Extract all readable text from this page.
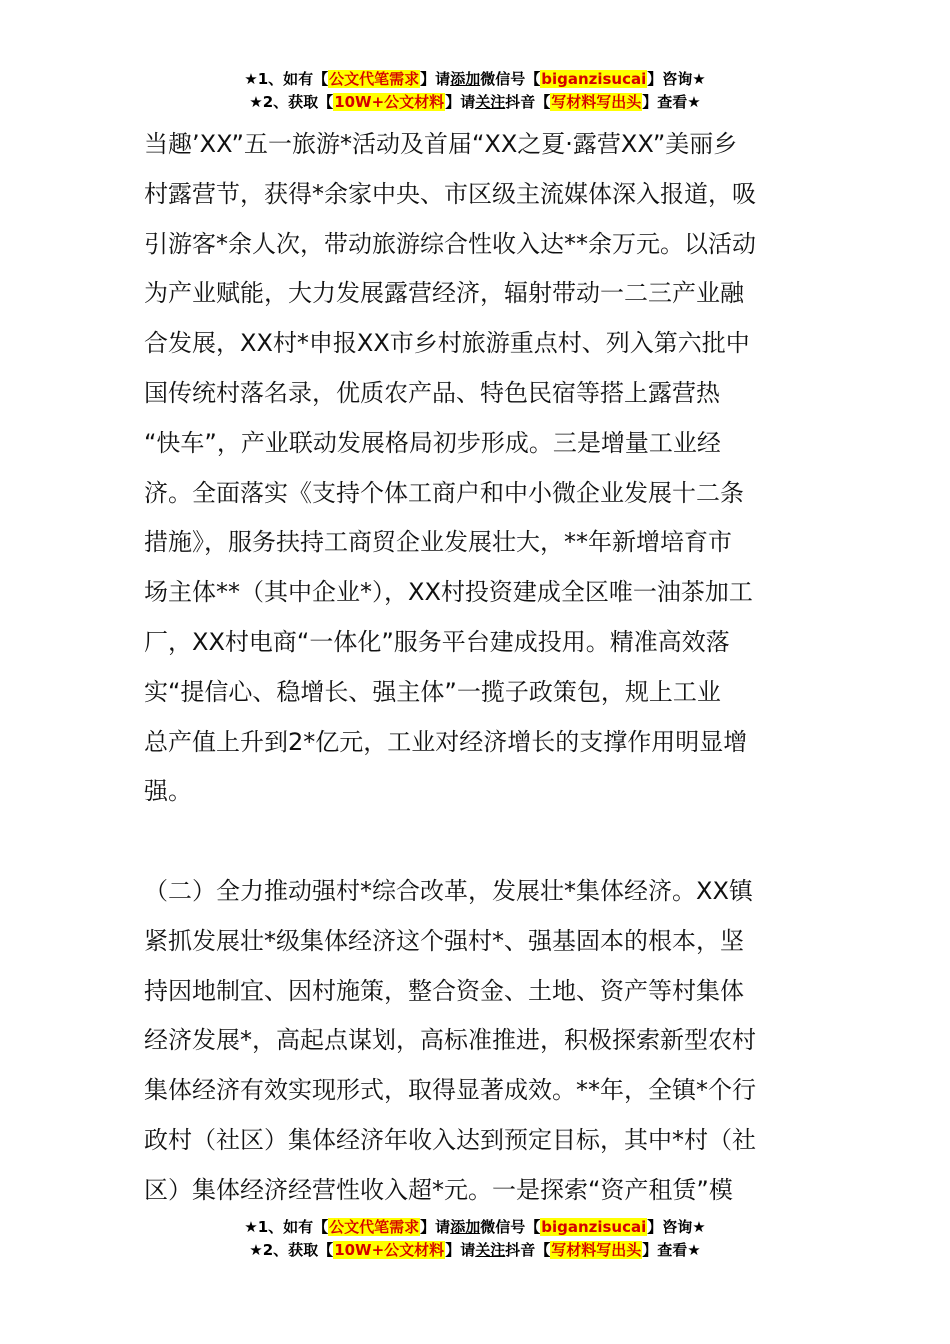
★1、如有【公文代笔需求】请添加微信号【biganzisucai】咨询★
★2、获取【10W+公文材料】请关注抖音【写材料写出头】查看★
当趣’XX”五一旅游*活动及首届“XX之夏·露营XX”美丽乡
村露营节，获得*余家中央、市区级主流媒体深入报道，吸
引游客*余人次，带动旅游综合性收入达**余万元。以活动
为产业赋能，大力发展露营经济，辐射带动一二三产业融
合发展，XX村*申报XX市乡村旅游重点村、列入第六批中
国传统村落名录，优质农产品、特色民宿等搭上露营热
“快车”，产业联动发展格局初步形成。三是增量工业经
济。全面落实《支持个体工商户和中小微企业发展十二条
措施》，服务扶持工商贸企业发展壮大，**年新增培育市
场主体**（其中企业*），XX村投资建成全区唯一油茶加工
厂，XX村电商“一体化”服务平台建成投用。精准高效落
实“提信心、稳增长、强主体”一揽子政策包，规上工业
总产值上升到2*亿元，工业对经济增长的支撑作用明显增
强。
（二）全力推动强村*综合改革，发展壮*集体经济。XX镇
紧抓发展壮*级集体经济这个强村*、强基固本的根本，坚
持因地制宜、因村施策，整合资金、土地、资产等村集体
经济发展*，高起点谋划，高标准推进，积极探索新型农村
集体经济有效实现形式，取得显著成效。**年，全镇*个行
政村（社区）集体经济年收入达到预定目标，其中*村（社
区）集体经济经营性收入超*元。一是探索“资产租赁”模
★1、如有【公文代笔需求】请添加微信号【biganzisucai】咨询★
★2、获取【10W+公文材料】请关注抖音【写材料写出头】查看★
